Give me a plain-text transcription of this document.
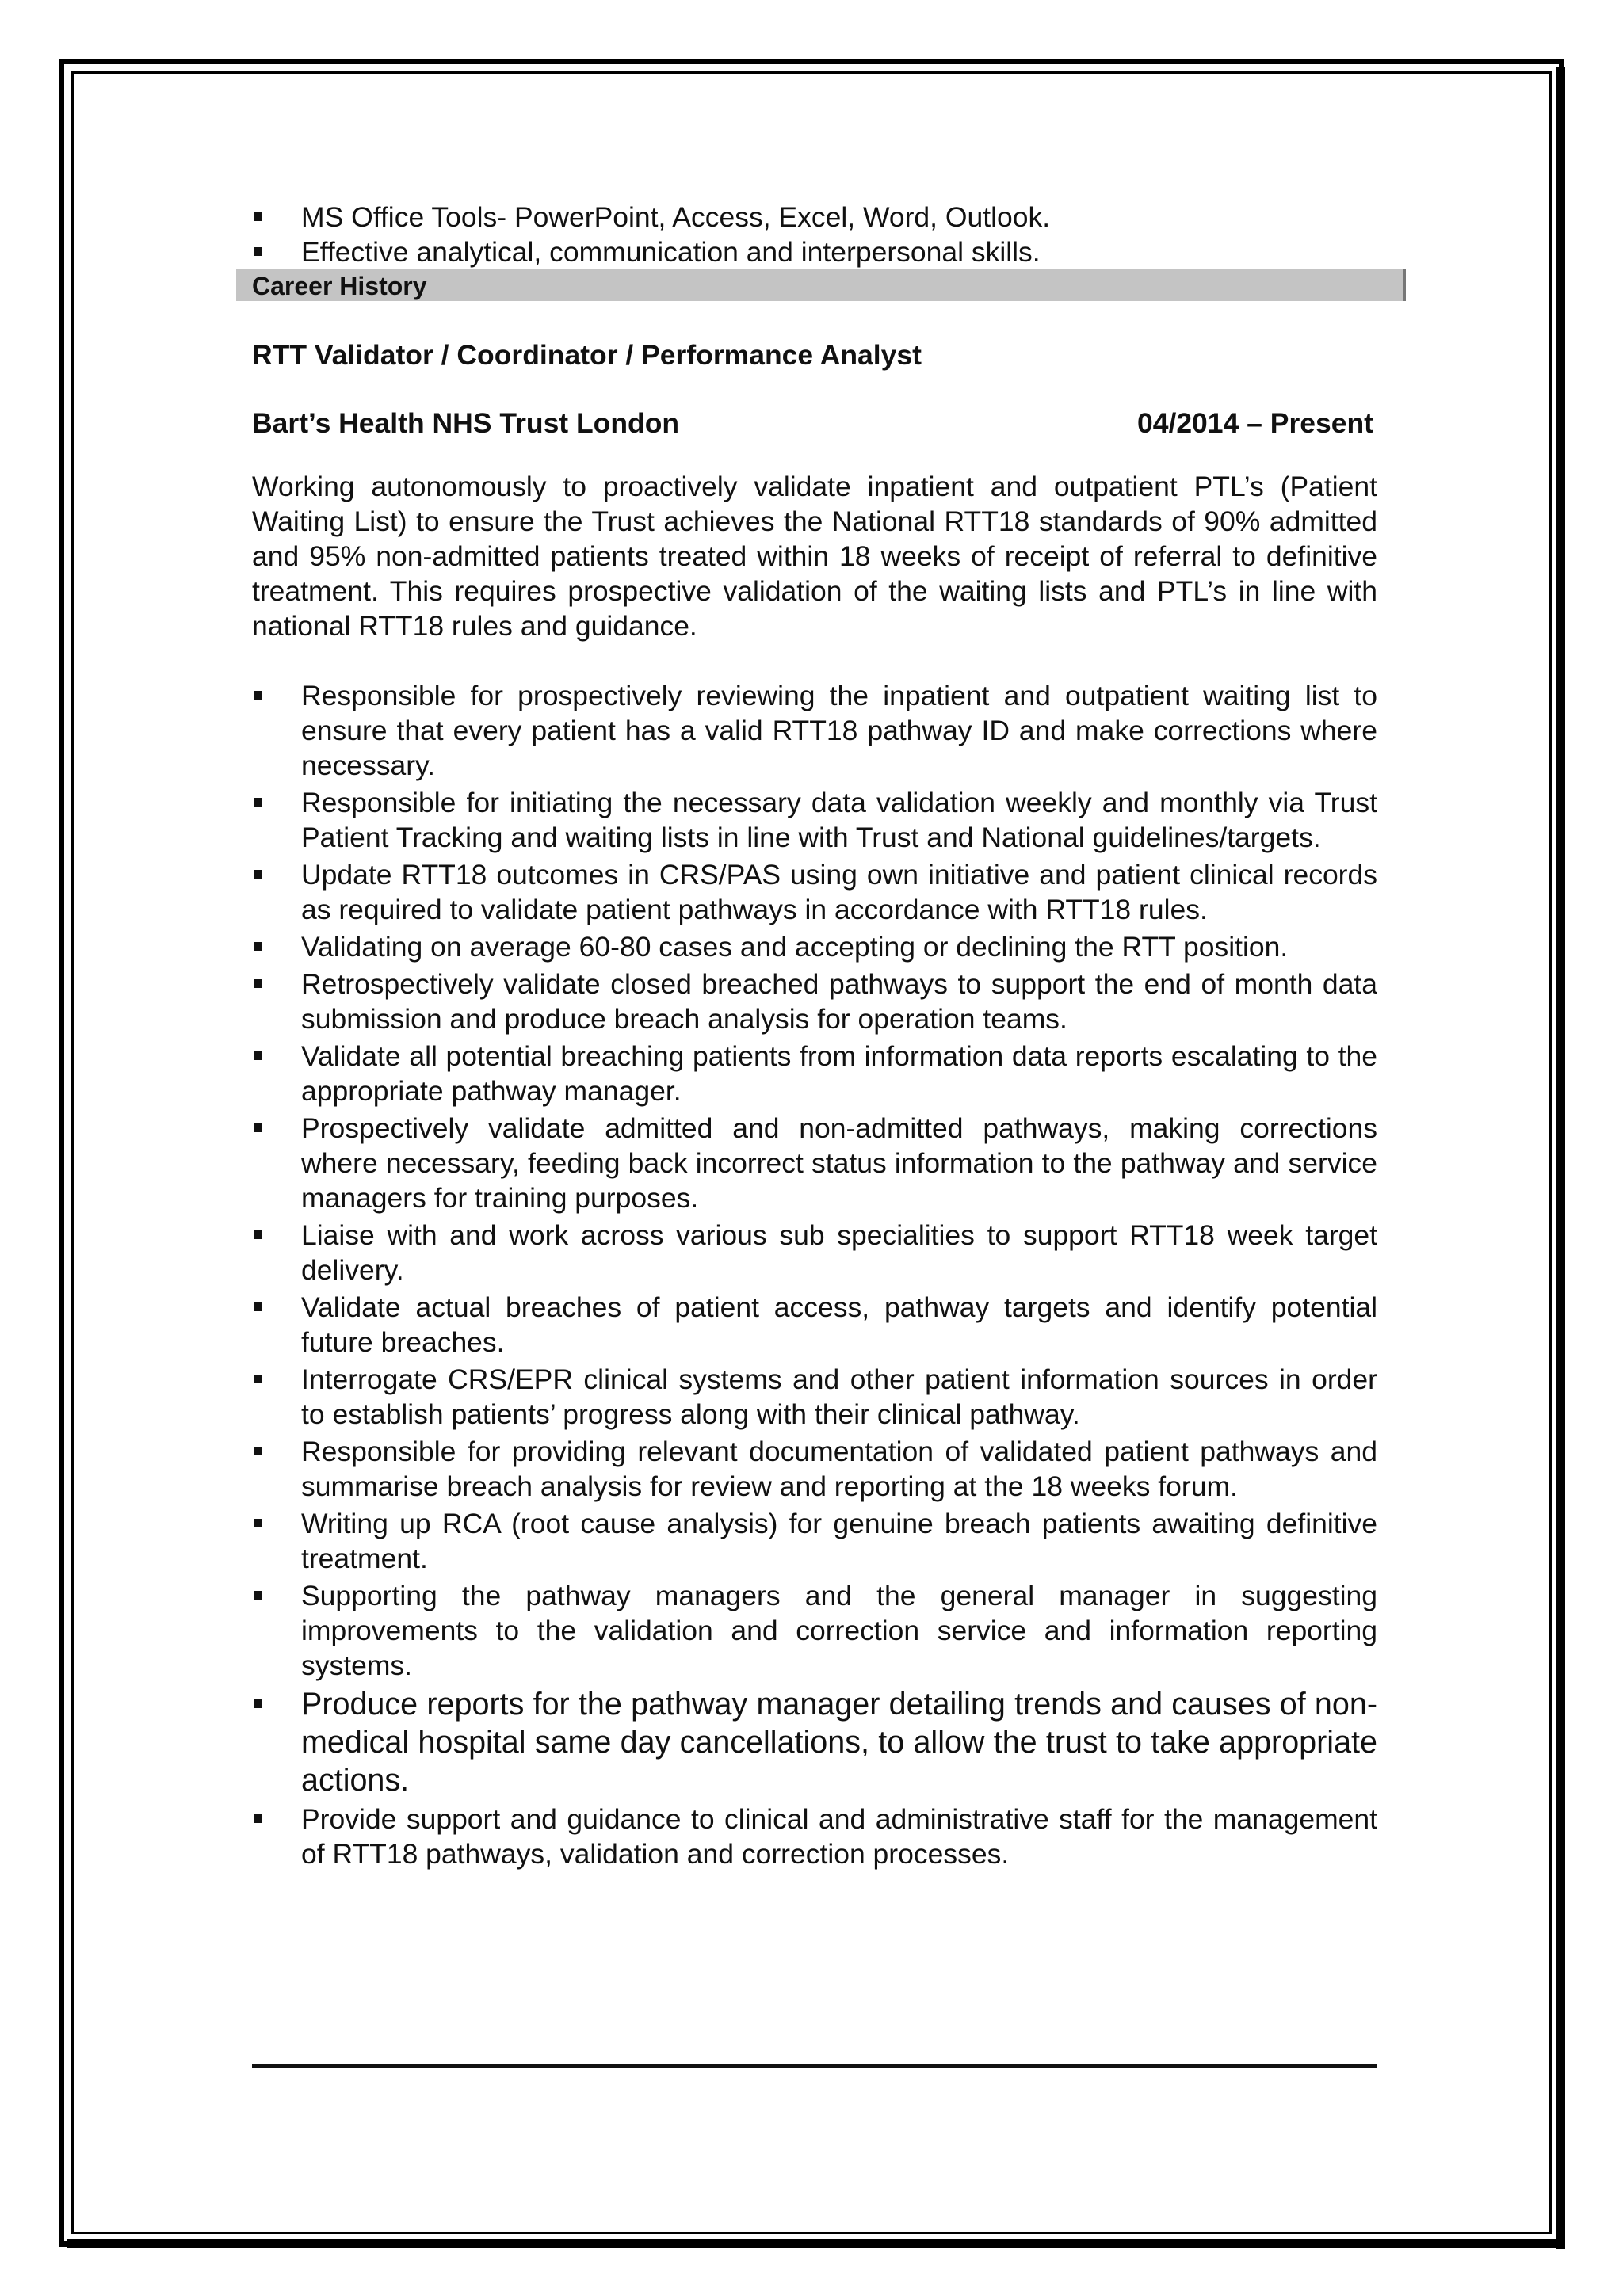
MS Office Tools- PowerPoint, Access, Excel, Word, Outlook.
Effective analytical, communication and interpersonal skills.
Career History
RTT Validator / Coordinator / Performance Analyst
Bart’s Health NHS Trust London	04/2014 – Present
Working autonomously to proactively validate inpatient and outpatient PTL’s (Patient Waiting List) to ensure the Trust achieves the National RTT18 standards of 90% admitted and 95% non-admitted patients treated within 18 weeks of receipt of referral to definitive treatment. This requires prospective validation of the waiting lists and PTL’s in line with national RTT18 rules and guidance.
Responsible for prospectively reviewing the inpatient and outpatient waiting list to ensure that every patient has a valid RTT18 pathway ID and make corrections where necessary.
Responsible for initiating the necessary data validation weekly and monthly via Trust Patient Tracking and waiting lists in line with Trust and National guidelines/targets.
Update RTT18 outcomes in CRS/PAS using own initiative and patient clinical records as required to validate patient pathways in accordance with RTT18 rules.
Validating on average 60-80 cases and accepting or declining the RTT position.
Retrospectively validate closed breached pathways to support the end of month data submission and produce breach analysis for operation teams.
Validate all potential breaching patients from information data reports escalating to the appropriate pathway manager.
Prospectively validate admitted and non-admitted pathways, making corrections where necessary, feeding back incorrect status information to the pathway and service managers for training purposes.
Liaise with and work across various sub specialities to support RTT18 week target delivery.
Validate actual breaches of patient access, pathway targets and identify potential future breaches.
Interrogate CRS/EPR clinical systems and other patient information sources in order to establish patients’ progress along with their clinical pathway.
Responsible for providing relevant documentation of validated patient pathways and summarise breach analysis for review and reporting at the 18 weeks forum.
Writing up RCA (root cause analysis) for genuine breach patients awaiting definitive treatment.
Supporting the pathway managers and the general manager in suggesting improvements to the validation and correction service and information reporting systems.
Produce reports for the pathway manager detailing trends and causes of non-medical hospital same day cancellations, to allow the trust to take appropriate actions.
Provide support and guidance to clinical and administrative staff for the management of RTT18 pathways, validation and correction processes.
